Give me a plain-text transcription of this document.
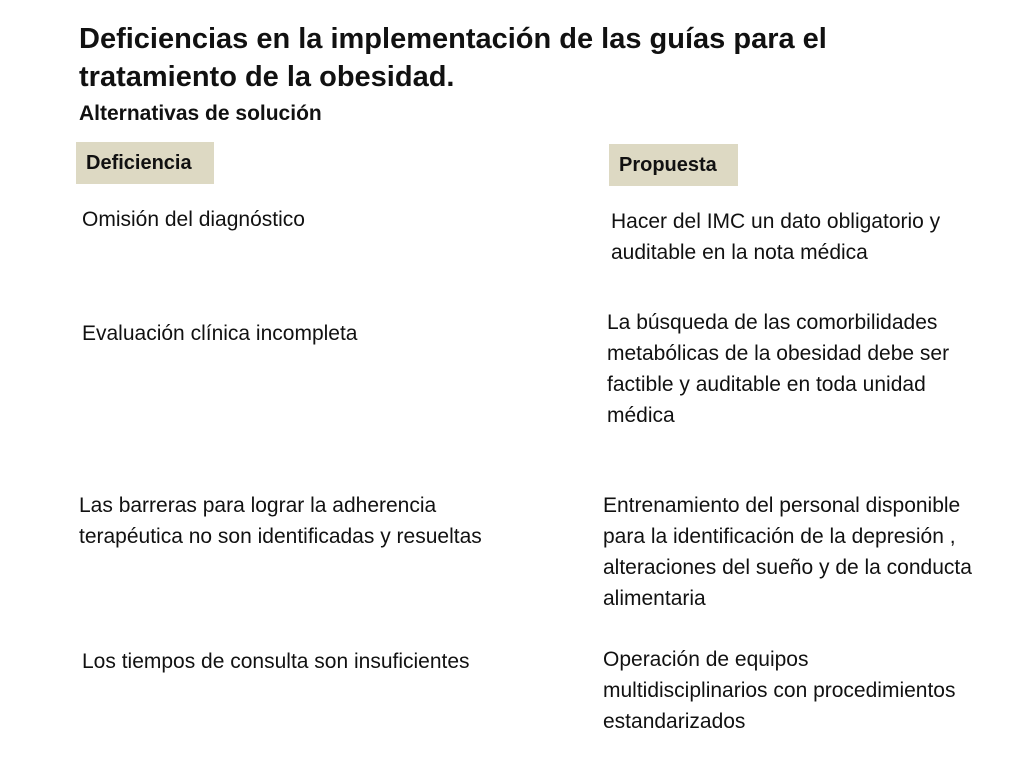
Deficiencias en la implementación de las guías para el
tratamiento de la obesidad.
Alternativas de solución
Deficiencia	Propuesta
Omisión del diagnóstico
Evaluación clínica incompleta
Las barreras para lograr la adherencia
terapéutica no son identificadas y resueltas
Los tiempos de consulta son insuficientes
Hacer del IMC un dato obligatorio y
auditable en la nota médica
La búsqueda de las comorbilidades
metabólicas de la obesidad debe ser
factible y auditable en toda unidad
médica
Entrenamiento del personal disponible
para la identificación de la depresión ,
alteraciones del sueño y de la conducta
alimentaria
Operación de equipos
multidisciplinarios con procedimientos
estandarizados
